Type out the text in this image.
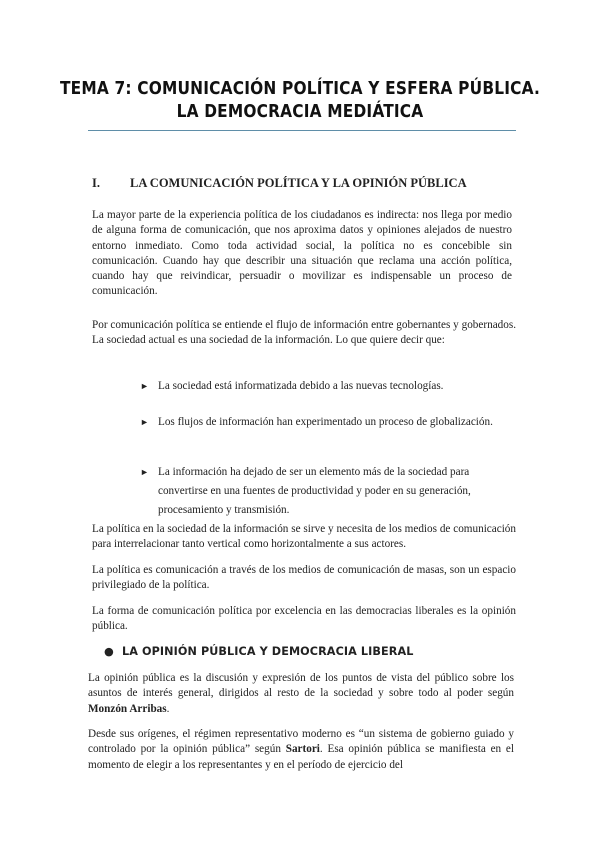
TEMA 7: COMUNICACIÓN POLÍTICA Y ESFERA PÚBLICA.
LA DEMOCRACIA MEDIÁTICA
I. LA COMUNICACIÓN POLÍTICA Y LA OPINIÓN PÚBLICA
La mayor parte de la experiencia política de los ciudadanos es indirecta: nos llega por medio de alguna forma de comunicación, que nos aproxima datos y opiniones alejados de nuestro entorno inmediato. Como toda actividad social, la política no es concebible sin comunicación. Cuando hay que describir una situación que reclama una acción política, cuando hay que reivindicar, persuadir o movilizar es indispensable un proceso de comunicación.
Por comunicación política se entiende el flujo de información entre gobernantes y gobernados. La sociedad actual es una sociedad de la información. Lo que quiere decir que:
► La sociedad está informatizada debido a las nuevas tecnologías.
► Los flujos de información han experimentado un proceso de globalización.
► La información ha dejado de ser un elemento más de la sociedad para convertirse en una fuentes de productividad y poder en su generación, procesamiento y transmisión.
La política en la sociedad de la información se sirve y necesita de los medios de comunicación para interrelacionar tanto vertical como horizontalmente a sus actores.
La política es comunicación a través de los medios de comunicación de masas, son un espacio privilegiado de la política.
La forma de comunicación política por excelencia en las democracias liberales es la opinión pública.
● LA OPINIÓN PÚBLICA Y DEMOCRACIA LIBERAL
La opinión pública es la discusión y expresión de los puntos de vista del público sobre los asuntos de interés general, dirigidos al resto de la sociedad y sobre todo al poder según Monzón Arribas.
Desde sus orígenes, el régimen representativo moderno es “un sistema de gobierno guiado y controlado por la opinión pública” según Sartori. Esa opinión pública se manifiesta en el momento de elegir a los representantes y en el período de ejercicio del
